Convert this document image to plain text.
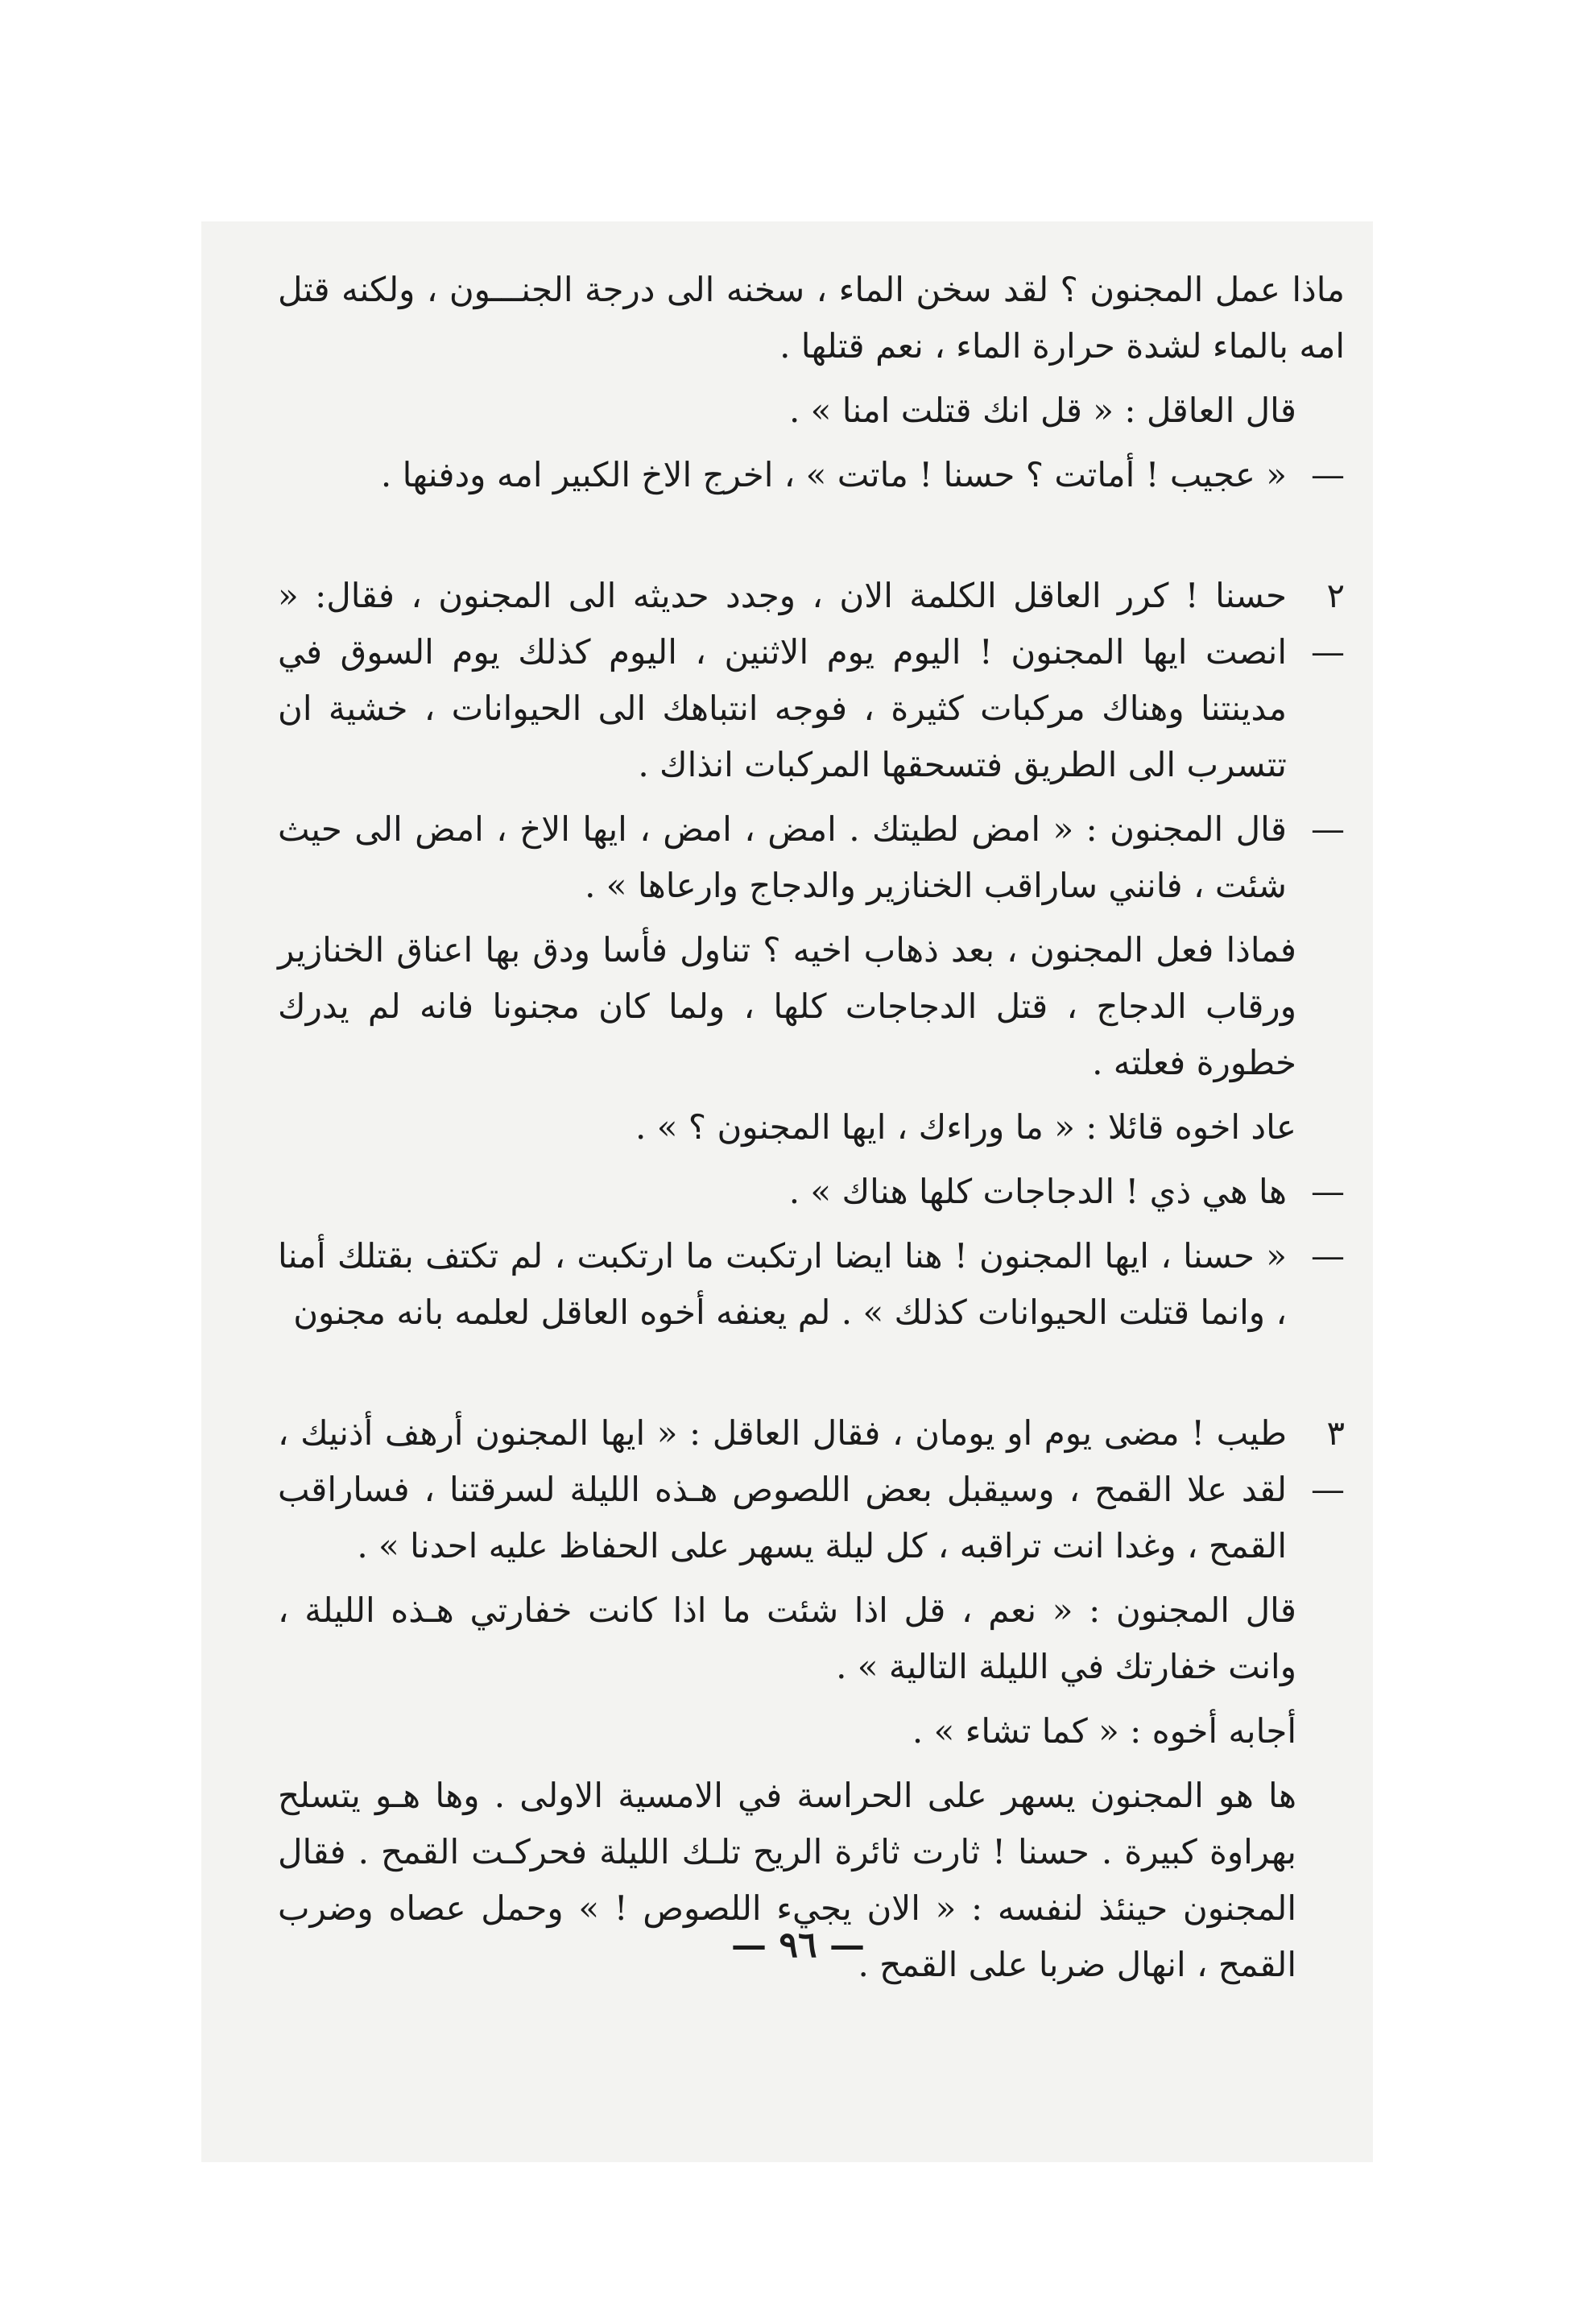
ماذا عمل المجنون ؟ لقد سخن الماء ، سخنه الى درجة الجنـــون ، ولكنه قتل امه بالماء لشدة حرارة الماء ، نعم قتلها .

قال العاقل : « قل انك قتلت امنا » .

—

« عجيب ! أماتت ؟ حسنا ! ماتت » ، اخرج الاخ الكبير امه ودفنها .

٢ —

حسنا ! كرر العاقل الكلمة الان ، وجدد حديثه الى المجنون ، فقال: « انصت ايها المجنون ! اليوم يوم الاثنين ، اليوم كذلك يوم السوق في مدينتنا وهناك مركبات كثيرة ، فوجه انتباهك الى الحيوانات ، خشية ان تتسرب الى الطريق فتسحقها المركبات انذاك .

—

قال المجنون : « امض لطيتك . امض ، امض ، ايها الاخ ، امض الى حيث شئت ، فانني ساراقب الخنازير والدجاج وارعاها » .

فماذا فعل المجنون ، بعد ذهاب اخيه ؟ تناول فأسا ودق بها اعناق الخنازير ورقاب الدجاج ، قتل الدجاجات كلها ، ولما كان مجنونا فانه لم يدرك خطورة فعلته .

عاد اخوه قائلا : « ما وراءك ، ايها المجنون ؟ » .

—

ها هي ذي ! الدجاجات كلها هناك » .

—

« حسنا ، ايها المجنون ! هنا ايضا ارتكبت ما ارتكبت ، لم تكتف بقتلك أمنا ، وانما قتلت الحيوانات كذلك » . لم يعنفه أخوه العاقل لعلمه بانه مجنون

٣ —

طيب ! مضى يوم او يومان ، فقال العاقل : « ايها المجنون أرهف أذنيك ، لقد علا القمح ، وسيقبل بعض اللصوص هـذه الليلة لسرقتنا ، فساراقب القمح ، وغدا انت تراقبه ، كل ليلة يسهر على الحفاظ عليه احدنا » .

قال المجنون : « نعم ، قل اذا شئت ما اذا كانت خفارتي هـذه الليلة ، وانت خفارتك في الليلة التالية » .

أجابه أخوه : « كما تشاء » .

ها هو المجنون يسهر على الحراسة في الامسية الاولى . وها هـو يتسلح بهراوة كبيرة . حسنا ! ثارت ثائرة الريح تلـك الليلة فحركـت القمح . فقال المجنون حينئذ لنفسه : « الان يجيء اللصوص ! » وحمل عصاه وضرب القمح ، انهال ضربا على القمح .

— ٩٦ —
